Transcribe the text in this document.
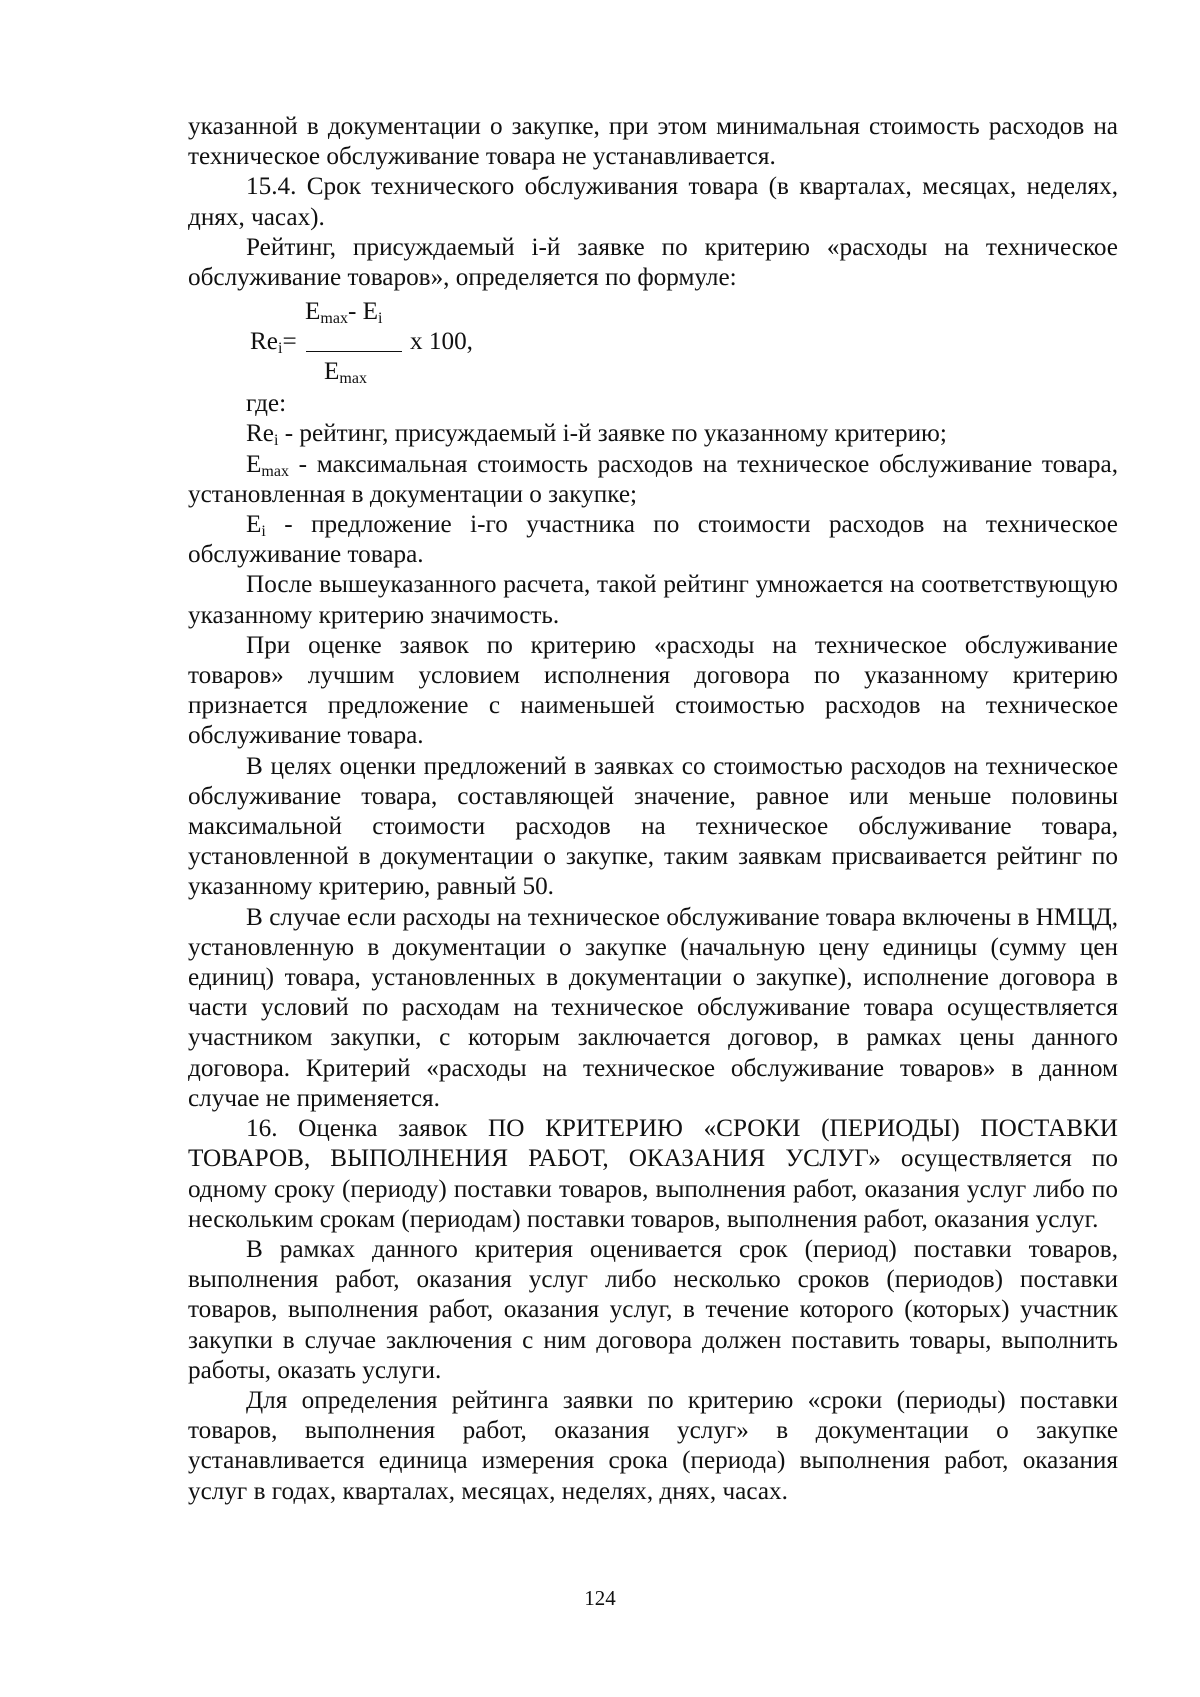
указанной в документации о закупке, при этом минимальная стоимость расходов на техническое обслуживание товара не устанавливается.

15.4. Срок технического обслуживания товара (в кварталах, месяцах, неделях, днях, часах).

Рейтинг, присуждаемый i-й заявке по критерию «расходы на техническое обслуживание товаров», определяется по формуле:

$E_{max}-$ $E_i$
$Re_i=$	x 100,
$E_{max}$

где:

$Re_i$ - рейтинг, присуждаемый i-й заявке по указанному критерию;

$E_{max}$ - максимальная стоимость расходов на техническое обслуживание товара, установленная в документации о закупке;

$E_i$ - предложение i-го участника по стоимости расходов на техническое обслуживание товара.

После вышеуказанного расчета, такой рейтинг умножается на соответствующую указанному критерию значимость.

При оценке заявок по критерию «расходы на техническое обслуживание товаров» лучшим условием исполнения договора по указанному критерию признается предложение с наименьшей стоимостью расходов на техническое обслуживание товара.

В целях оценки предложений в заявках со стоимостью расходов на техническое обслуживание товара, составляющей значение, равное или меньше половины максимальной стоимости расходов на техническое обслуживание товара, установленной в документации о закупке, таким заявкам присваивается рейтинг по указанному критерию, равный 50.

В случае если расходы на техническое обслуживание товара включены в НМЦД, установленную в документации о закупке (начальную цену единицы (сумму цен единиц) товара, установленных в документации о закупке), исполнение договора в части условий по расходам на техническое обслуживание товара осуществляется участником закупки, с которым заключается договор, в рамках цены данного договора. Критерий «расходы на техническое обслуживание товаров» в данном случае не применяется.

16. Оценка заявок ПО КРИТЕРИЮ «СРОКИ (ПЕРИОДЫ) ПОСТАВКИ ТОВАРОВ, ВЫПОЛНЕНИЯ РАБОТ, ОКАЗАНИЯ УСЛУГ» осуществляется по одному сроку (периоду) поставки товаров, выполнения работ, оказания услуг либо по нескольким срокам (периодам) поставки товаров, выполнения работ, оказания услуг.

В рамках данного критерия оценивается срок (период) поставки товаров, выполнения работ, оказания услуг либо несколько сроков (периодов) поставки товаров, выполнения работ, оказания услуг, в течение которого (которых) участник закупки в случае заключения с ним договора должен поставить товары, выполнить работы, оказать услуги.

Для определения рейтинга заявки по критерию «сроки (периоды) поставки товаров, выполнения работ, оказания услуг» в документации о закупке устанавливается единица измерения срока (периода) выполнения работ, оказания услуг в годах, кварталах, месяцах, неделях, днях, часах.

124
